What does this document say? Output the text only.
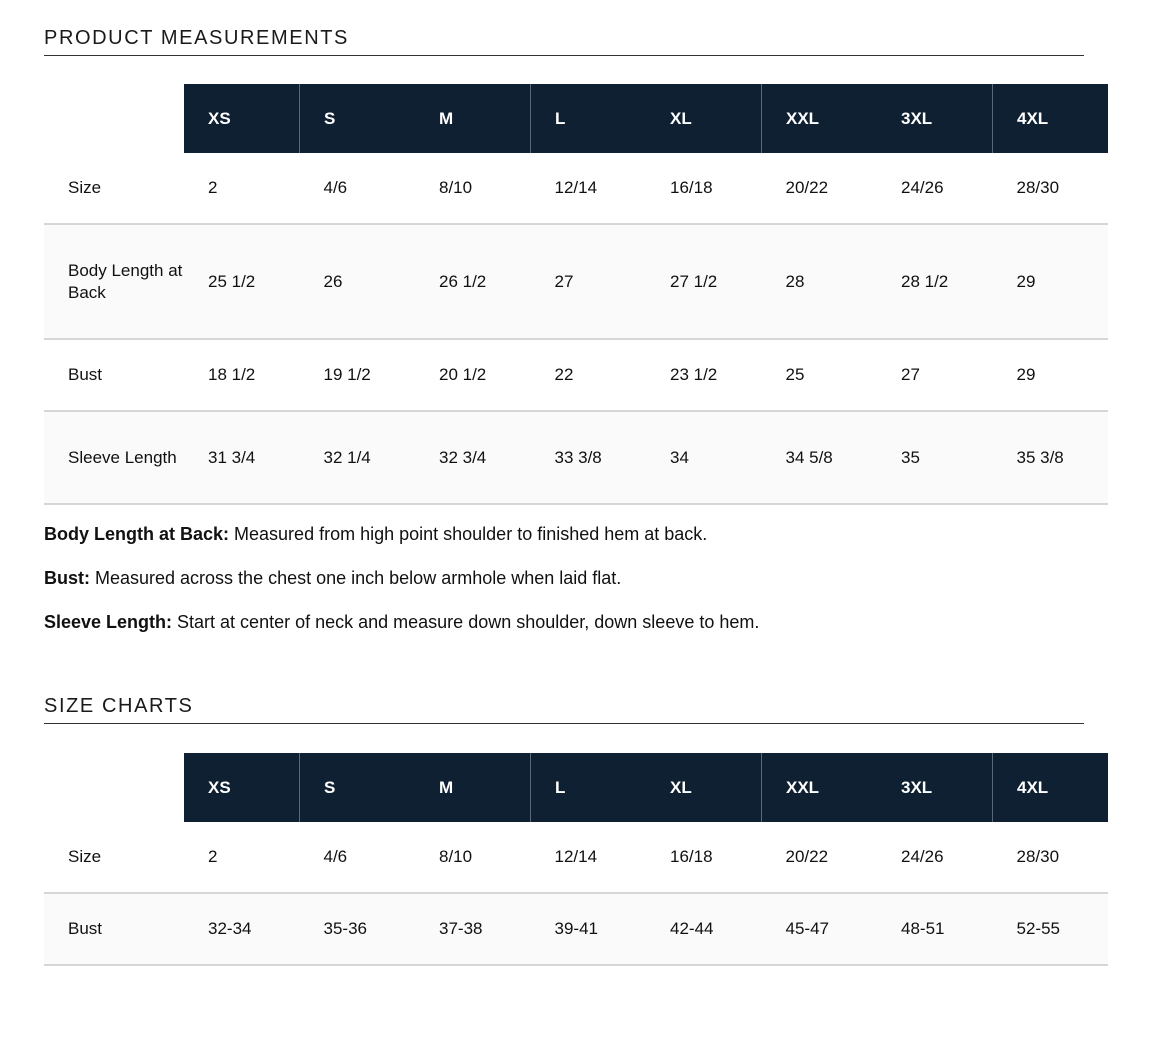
PRODUCT MEASUREMENTS
	XS	S	M	L	XL	XXL	3XL	4XL
Size	2	4/6	8/10	12/14	16/18	20/22	24/26	28/30
Body Length at Back	25 1/2	26	26 1/2	27	27 1/2	28	28 1/2	29
Bust	18 1/2	19 1/2	20 1/2	22	23 1/2	25	27	29
Sleeve Length	31 3/4	32 1/4	32 3/4	33 3/8	34	34 5/8	35	35 3/8

Body Length at Back: Measured from high point shoulder to finished hem at back.

Bust: Measured across the chest one inch below armhole when laid flat.

Sleeve Length: Start at center of neck and measure down shoulder, down sleeve to hem.

SIZE CHARTS
	XS	S	M	L	XL	XXL	3XL	4XL
Size	2	4/6	8/10	12/14	16/18	20/22	24/26	28/30
Bust	32-34	35-36	37-38	39-41	42-44	45-47	48-51	52-55
